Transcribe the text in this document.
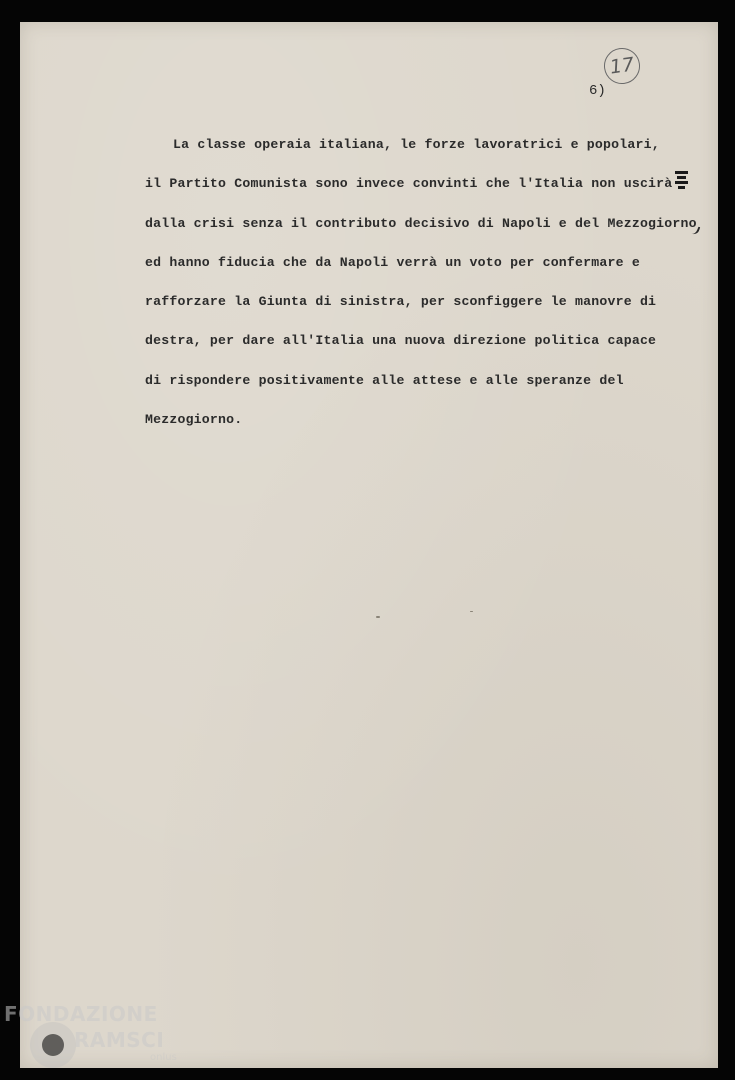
17
6)
La classe operaia italiana, le forze lavoratrici e popolari,
il Partito Comunista sono invece convinti che l'Italia non uscirà
dalla crisi senza il contributo decisivo di Napoli e del Mezzogiorno
ed hanno fiducia che da Napoli verrà un voto per confermare e
rafforzare la Giunta di sinistra, per sconfiggere le manovre di
destra, per dare all'Italia una nuova direzione politica capace
di rispondere positivamente alle attese e alle speranze del
Mezzogiorno.
FONDAZIONE
RAMSCI
onlus
